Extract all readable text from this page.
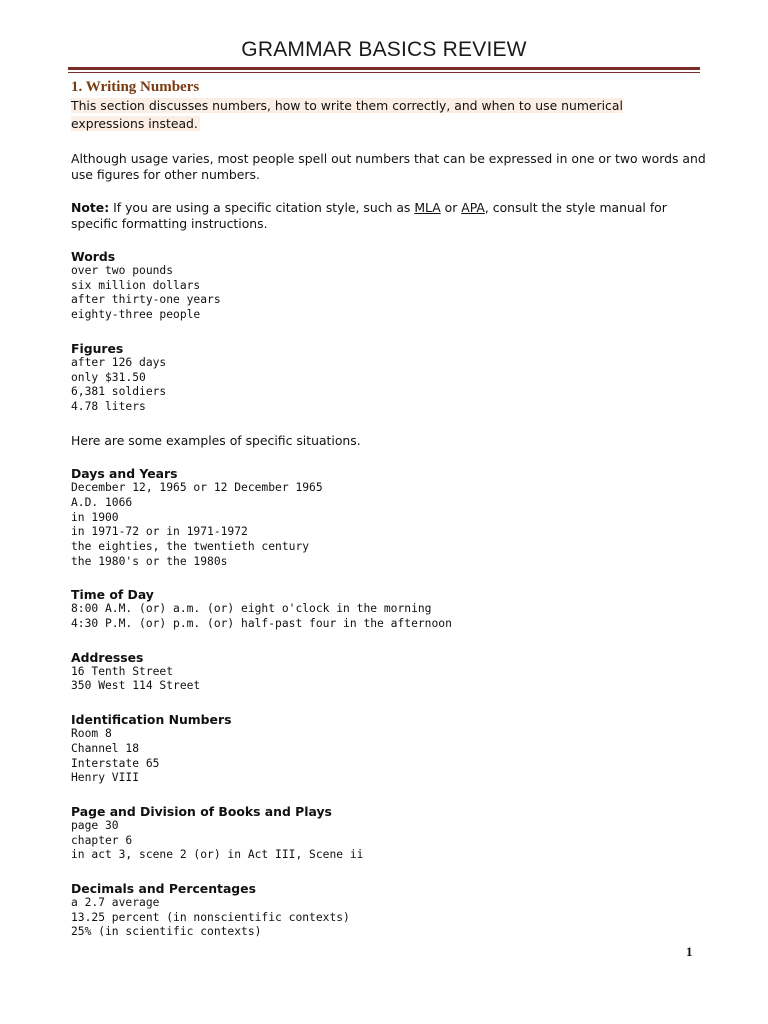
GRAMMAR BASICS REVIEW
1. Writing Numbers
This section discusses numbers, how to write them correctly, and when to use numerical expressions instead.

Although usage varies, most people spell out numbers that can be expressed in one or two words and use figures for other numbers.

Note: If you are using a specific citation style, such as MLA or APA, consult the style manual for specific formatting instructions.

Words
over two pounds
six million dollars
after thirty-one years
eighty-three people
Figures
after 126 days
only $31.50
6,381 soldiers
4.78 liters

Here are some examples of specific situations.

Days and Years
December 12, 1965 or 12 December 1965
A.D. 1066
in 1900
in 1971-72 or in 1971-1972
the eighties, the twentieth century
the 1980's or the 1980s
Time of Day
8:00 A.M. (or) a.m. (or) eight o'clock in the morning
4:30 P.M. (or) p.m. (or) half-past four in the afternoon
Addresses
16 Tenth Street
350 West 114 Street
Identification Numbers
Room 8
Channel 18
Interstate 65
Henry VIII
Page and Division of Books and Plays
page 30
chapter 6
in act 3, scene 2 (or) in Act III, Scene ii
Decimals and Percentages
a 2.7 average
13.25 percent (in nonscientific contexts)
25% (in scientific contexts)
1
